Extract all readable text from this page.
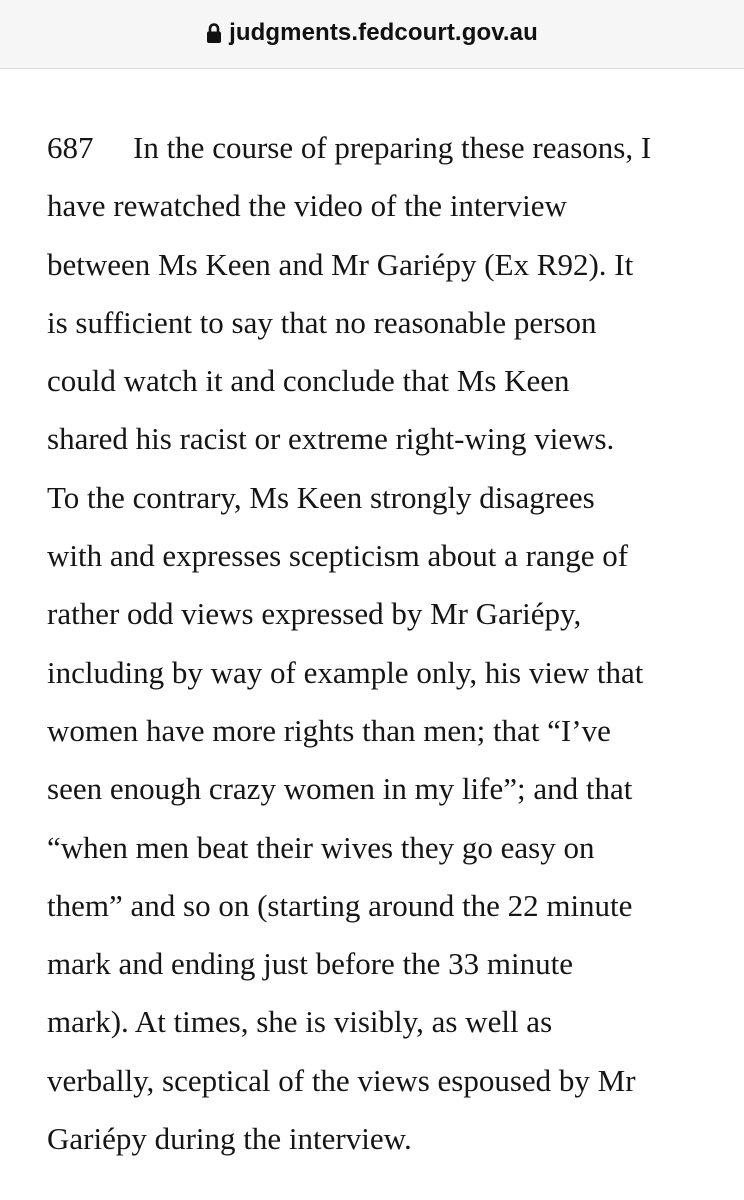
judgments.fedcourt.gov.au
687 In the course of preparing these reasons, I
have rewatched the video of the interview
between Ms Keen and Mr Gariépy (Ex R92). It
is sufficient to say that no reasonable person
could watch it and conclude that Ms Keen
shared his racist or extreme right-wing views.
To the contrary, Ms Keen strongly disagrees
with and expresses scepticism about a range of
rather odd views expressed by Mr Gariépy,
including by way of example only, his view that
women have more rights than men; that “I’ve
seen enough crazy women in my life”; and that
“when men beat their wives they go easy on
them” and so on (starting around the 22 minute
mark and ending just before the 33 minute
mark). At times, she is visibly, as well as
verbally, sceptical of the views espoused by Mr
Gariépy during the interview.
